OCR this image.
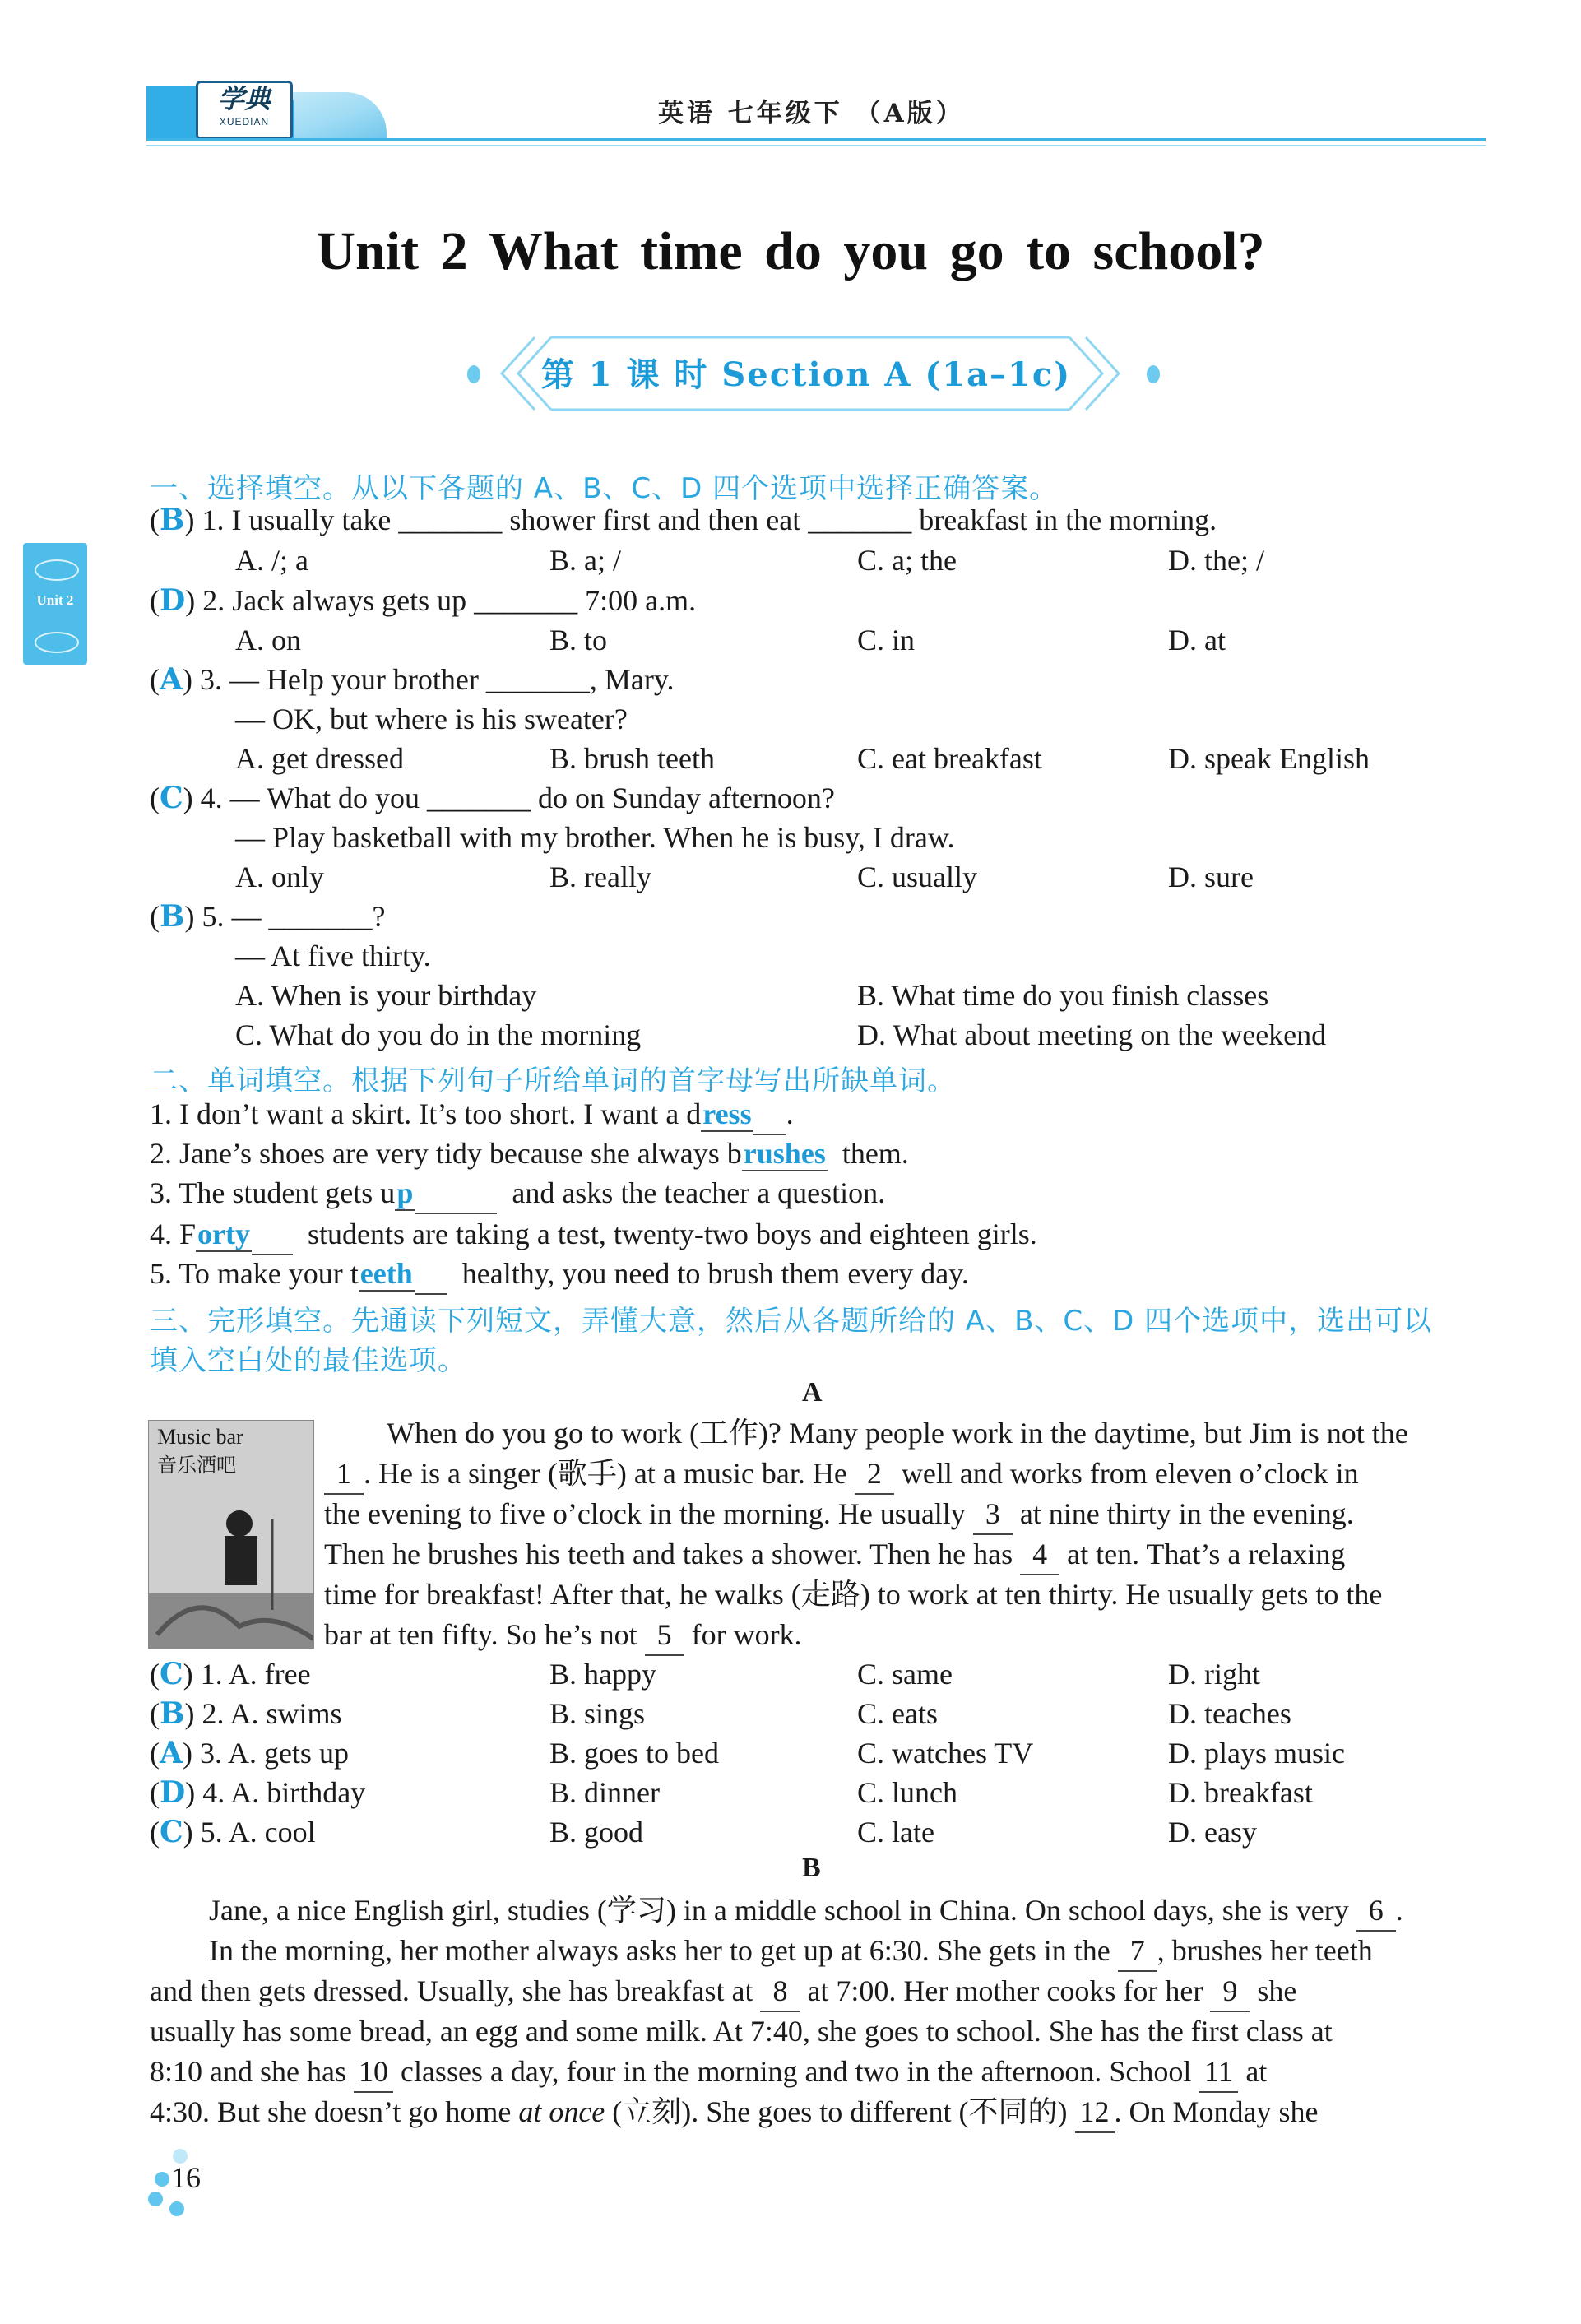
学典
XUEDIAN	英语 七年级下 （A版）
Unit 2
Unit 2 What time do you go to school?
第 1 课 时 Section A (1a–1c)
一、选择填空。从以下各题的 A、B、C、D 四个选项中选择正确答案。
(B) 1. I usually take _______ shower first and then eat _______ breakfast in the morning.
A. /; a	B. a; /	C. a; the	D. the; /
(D) 2. Jack always gets up _______ 7:00 a.m.
A. on	B. to	C. in	D. at
(A) 3. — Help your brother _______, Mary.
— OK, but where is his sweater?
A. get dressed	B. brush teeth	C. eat breakfast	D. speak English
(C) 4. — What do you _______ do on Sunday afternoon?
— Play basketball with my brother. When he is busy, I draw.
A. only	B. really	C. usually	D. sure
(B) 5. — _______?
— At five thirty.
A. When is your birthday	B. What time do you finish classes
C. What do you do in the morning	D. What about meeting on the weekend
二、单词填空。根据下列句子所给单词的首字母写出所缺单词。
1. I don’t want a skirt. It’s too short. I want a dress .
2. Jane’s shoes are very tidy because she always brushes them.
3. The student gets up	and asks the teacher a question.
4. Forty students are taking a test, twenty-two boys and eighteen girls.
5. To make your teeth healthy, you need to brush them every day.
三、完形填空。先通读下列短文，弄懂大意，然后从各题所给的 A、B、C、D 四个选项中，选出可以
填入空白处的最佳选项。
A
Music bar
音乐酒吧
When do you go to work (工作)? Many people work in the daytime, but Jim is not the
1 . He is a singer (歌手) at a music bar. He 2 well and works from eleven o’clock in
the evening to five o’clock in the morning. He usually 3 at nine thirty in the evening.
Then he brushes his teeth and takes a shower. Then he has 4 at ten. That’s a relaxing
time for breakfast! After that, he walks (走路) to work at ten thirty. He usually gets to the
bar at ten fifty. So he’s not 5 for work.
(C) 1. A. free	B. happy	C. same	D. right
(B) 2. A. swims	B. sings	C. eats	D. teaches
(A) 3. A. gets up	B. goes to bed	C. watches TV	D. plays music
(D) 4. A. birthday	B. dinner	C. lunch	D. breakfast
(C) 5. A. cool	B. good	C. late	D. easy
B
Jane, a nice English girl, studies (学习) in a middle school in China. On school days, she is very 6 .
In the morning, her mother always asks her to get up at 6:30. She gets in the 7 , brushes her teeth
and then gets dressed. Usually, she has breakfast at 8 at 7:00. Her mother cooks for her 9 she
usually has some bread, an egg and some milk. At 7:40, she goes to school. She has the first class at
8:10 and she has 10 classes a day, four in the morning and two in the afternoon. School 11 at
4:30. But she doesn’t go home at once (立刻). She goes to different (不同的) 12 . On Monday she
16
